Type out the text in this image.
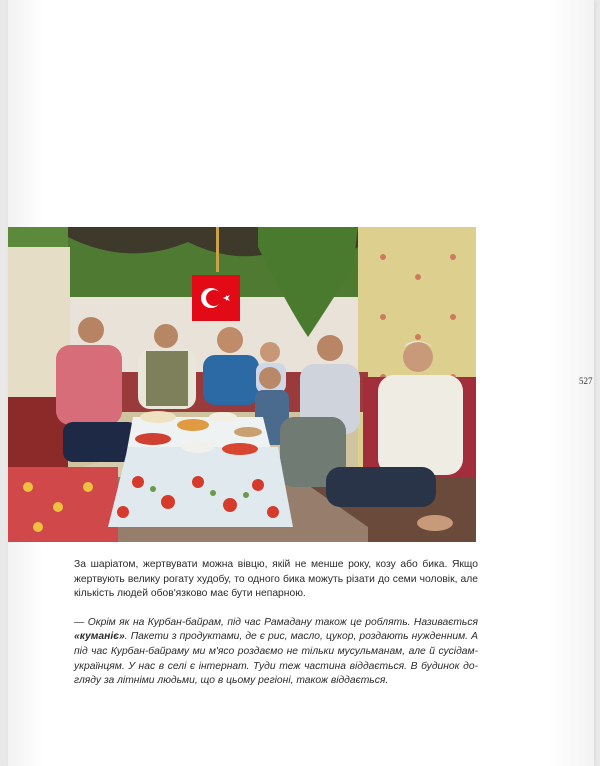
527

За шаріатом, жертвувати можна вівцю, якій не менше року, козу або бика. Якщо жертвують велику рогату худобу, то одного бика можуть різати до семи чоловік, але кількість людей обов'язково має бути непарною.

— Окрім як на Курбан-байрам, під час Рамадану також це роблять. Називається «куманіє». Пакети з продуктами, де є рис, масло, цукор, роздають нужденним. А під час Курбан-байраму ми м'ясо роздаємо не тільки мусульманам, але й сусідам-українцям. У нас в селі є інтернат. Туди теж частина віддається. В будинок догляду за літніми людьми, що в цьому регіоні, також віддається.
